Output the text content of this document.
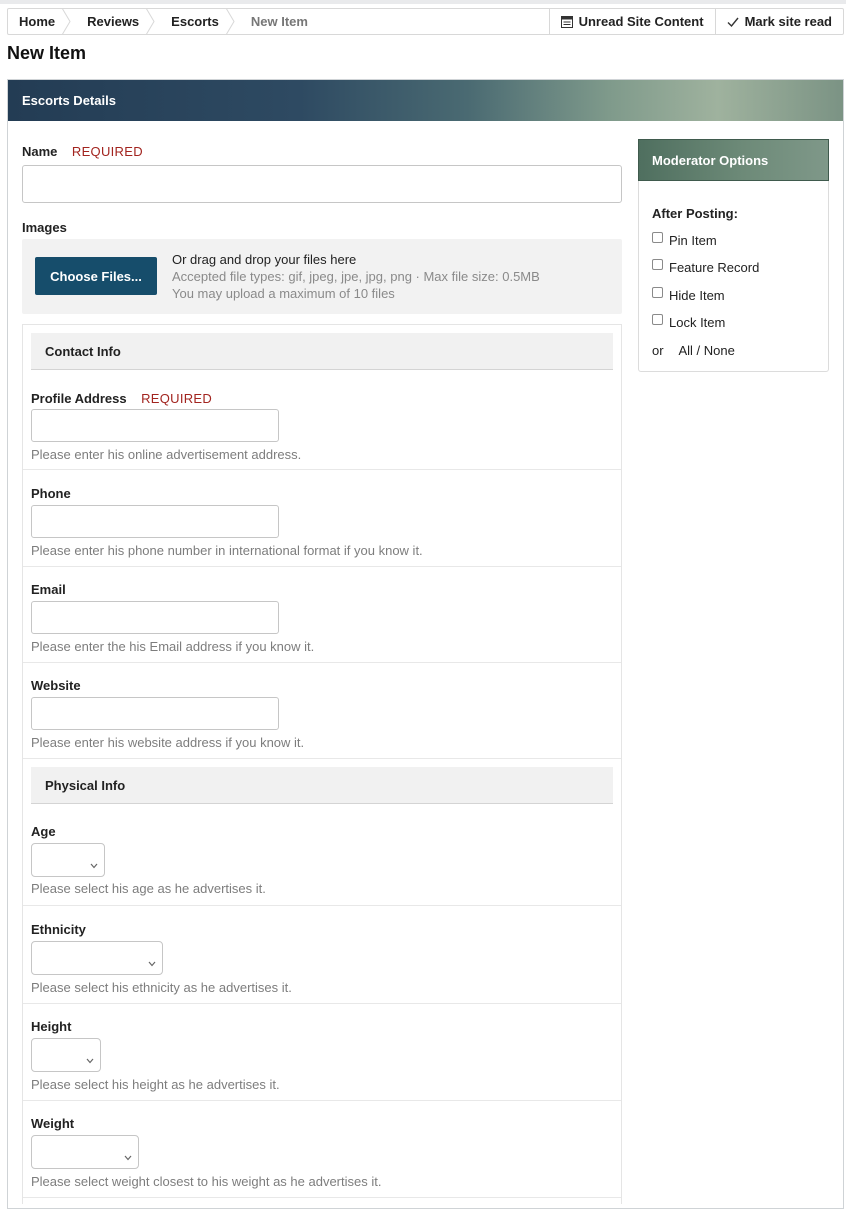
Home Reviews Escorts	New Item	Unread Site Content	Mark site read
New Item
Escorts Details
Name REQUIRED
Images
Choose Files...
Or drag and drop your files here
Accepted file types: gif, jpeg, jpe, jpg, png · Max file size: 0.5MB
You may upload a maximum of 10 files
Contact Info
Profile Address REQUIRED
Please enter his online advertisement address.
Phone
Please enter his phone number in international format if you know it.
Email
Please enter the his Email address if you know it.
Website
Please enter his website address if you know it.
Physical Info
Age
Please select his age as he advertises it.
Ethnicity
Please select his ethnicity as he advertises it.
Height
Please select his height as he advertises it.
Weight
Please select weight closest to his weight as he advertises it.
Moderator Options
After Posting:
Pin Item
Feature Record
Hide Item
Lock Item
or All / None
